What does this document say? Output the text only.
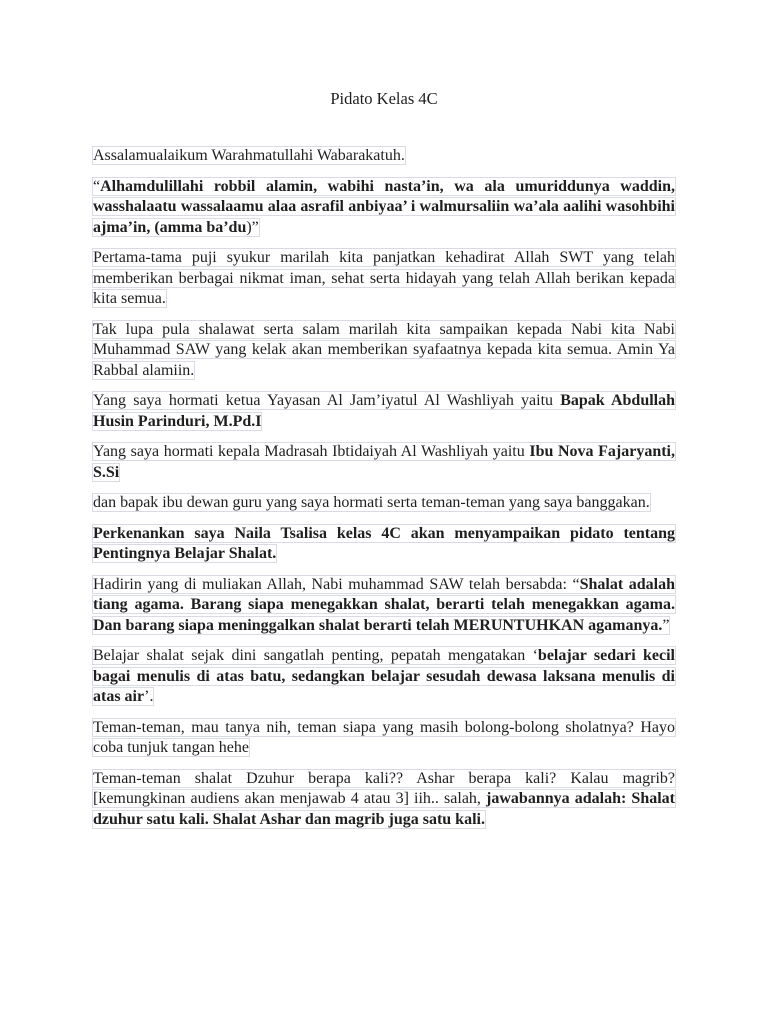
Pidato Kelas 4C

Assalamualaikum Warahmatullahi Wabarakatuh.

“Alhamdulillahi robbil alamin, wabihi nasta’in, wa ala umuriddunya waddin, wasshalaatu wassalaamu alaa asrafil anbiyaa’ i walmursaliin wa’ala aalihi wasohbihi ajma’in, (amma ba’du)”

Pertama-tama puji syukur marilah kita panjatkan kehadirat Allah SWT yang telah memberikan berbagai nikmat iman, sehat serta hidayah yang telah Allah berikan kepada kita semua.

Tak lupa pula shalawat serta salam marilah kita sampaikan kepada Nabi kita Nabi Muhammad SAW yang kelak akan memberikan syafaatnya kepada kita semua. Amin Ya Rabbal alamiin.

Yang saya hormati ketua Yayasan Al Jam’iyatul Al Washliyah yaitu Bapak Abdullah Husin Parinduri, M.Pd.I

Yang saya hormati kepala Madrasah Ibtidaiyah Al Washliyah yaitu Ibu Nova Fajaryanti, S.Si

dan bapak ibu dewan guru yang saya hormati serta teman-teman yang saya banggakan.

Perkenankan saya Naila Tsalisa kelas 4C akan menyampaikan pidato tentang Pentingnya Belajar Shalat.

Hadirin yang di muliakan Allah, Nabi muhammad SAW telah bersabda: “Shalat adalah tiang agama. Barang siapa menegakkan shalat, berarti telah menegakkan agama. Dan barang siapa meninggalkan shalat berarti telah MERUNTUHKAN agamanya.”

Belajar shalat sejak dini sangatlah penting, pepatah mengatakan ‘belajar sedari kecil bagai menulis di atas batu, sedangkan belajar sesudah dewasa laksana menulis di atas air’.

Teman-teman, mau tanya nih, teman siapa yang masih bolong-bolong sholatnya? Hayo coba tunjuk tangan hehe

Teman-teman shalat Dzuhur berapa kali?? Ashar berapa kali? Kalau magrib? [kemungkinan audiens akan menjawab 4 atau 3] iih.. salah, jawabannya adalah: Shalat dzuhur satu kali. Shalat Ashar dan magrib juga satu kali.
